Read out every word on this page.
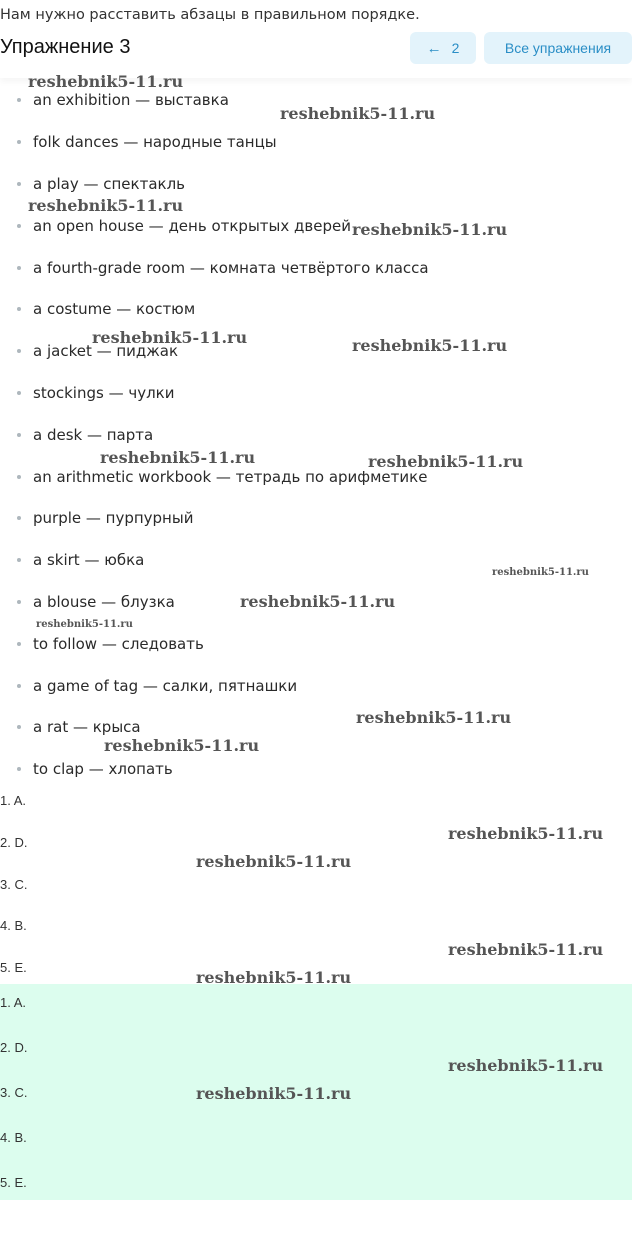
Нам нужно расставить абзацы в правильном порядке.
Упражнение 3	← 2	Все упражнения
an exhibition — выставка
folk dances — народные танцы
a play — спектакль
an open house — день открытых дверей
a fourth-grade room — комната четвёртого класса
a costume — костюм
a jacket — пиджак
stockings — чулки
a desk — парта
an arithmetic workbook — тетрадь по арифметике
purple — пурпурный
a skirt — юбка
a blouse — блузка
to follow — следовать
a game of tag — салки, пятнашки
a rat — крыса
to clap — хлопать
1. A.
2. D.
3. C.
4. B.
5. E.
1. A.
2. D.
3. C.
4. B.
5. E.
reshebnik5-11.ru
reshebnik5-11.ru
reshebnik5-11.ru
reshebnik5-11.ru
reshebnik5-11.ru	reshebnik5-11.ru
reshebnik5-11.ru	reshebnik5-11.ru
reshebnik5-11.ru
reshebnik5-11.ru
reshebnik5-11.ru
reshebnik5-11.ru
reshebnik5-11.ru
reshebnik5-11.ru
reshebnik5-11.ru
reshebnik5-11.ru
reshebnik5-11.ru
reshebnik5-11.ru
reshebnik5-11.ru
